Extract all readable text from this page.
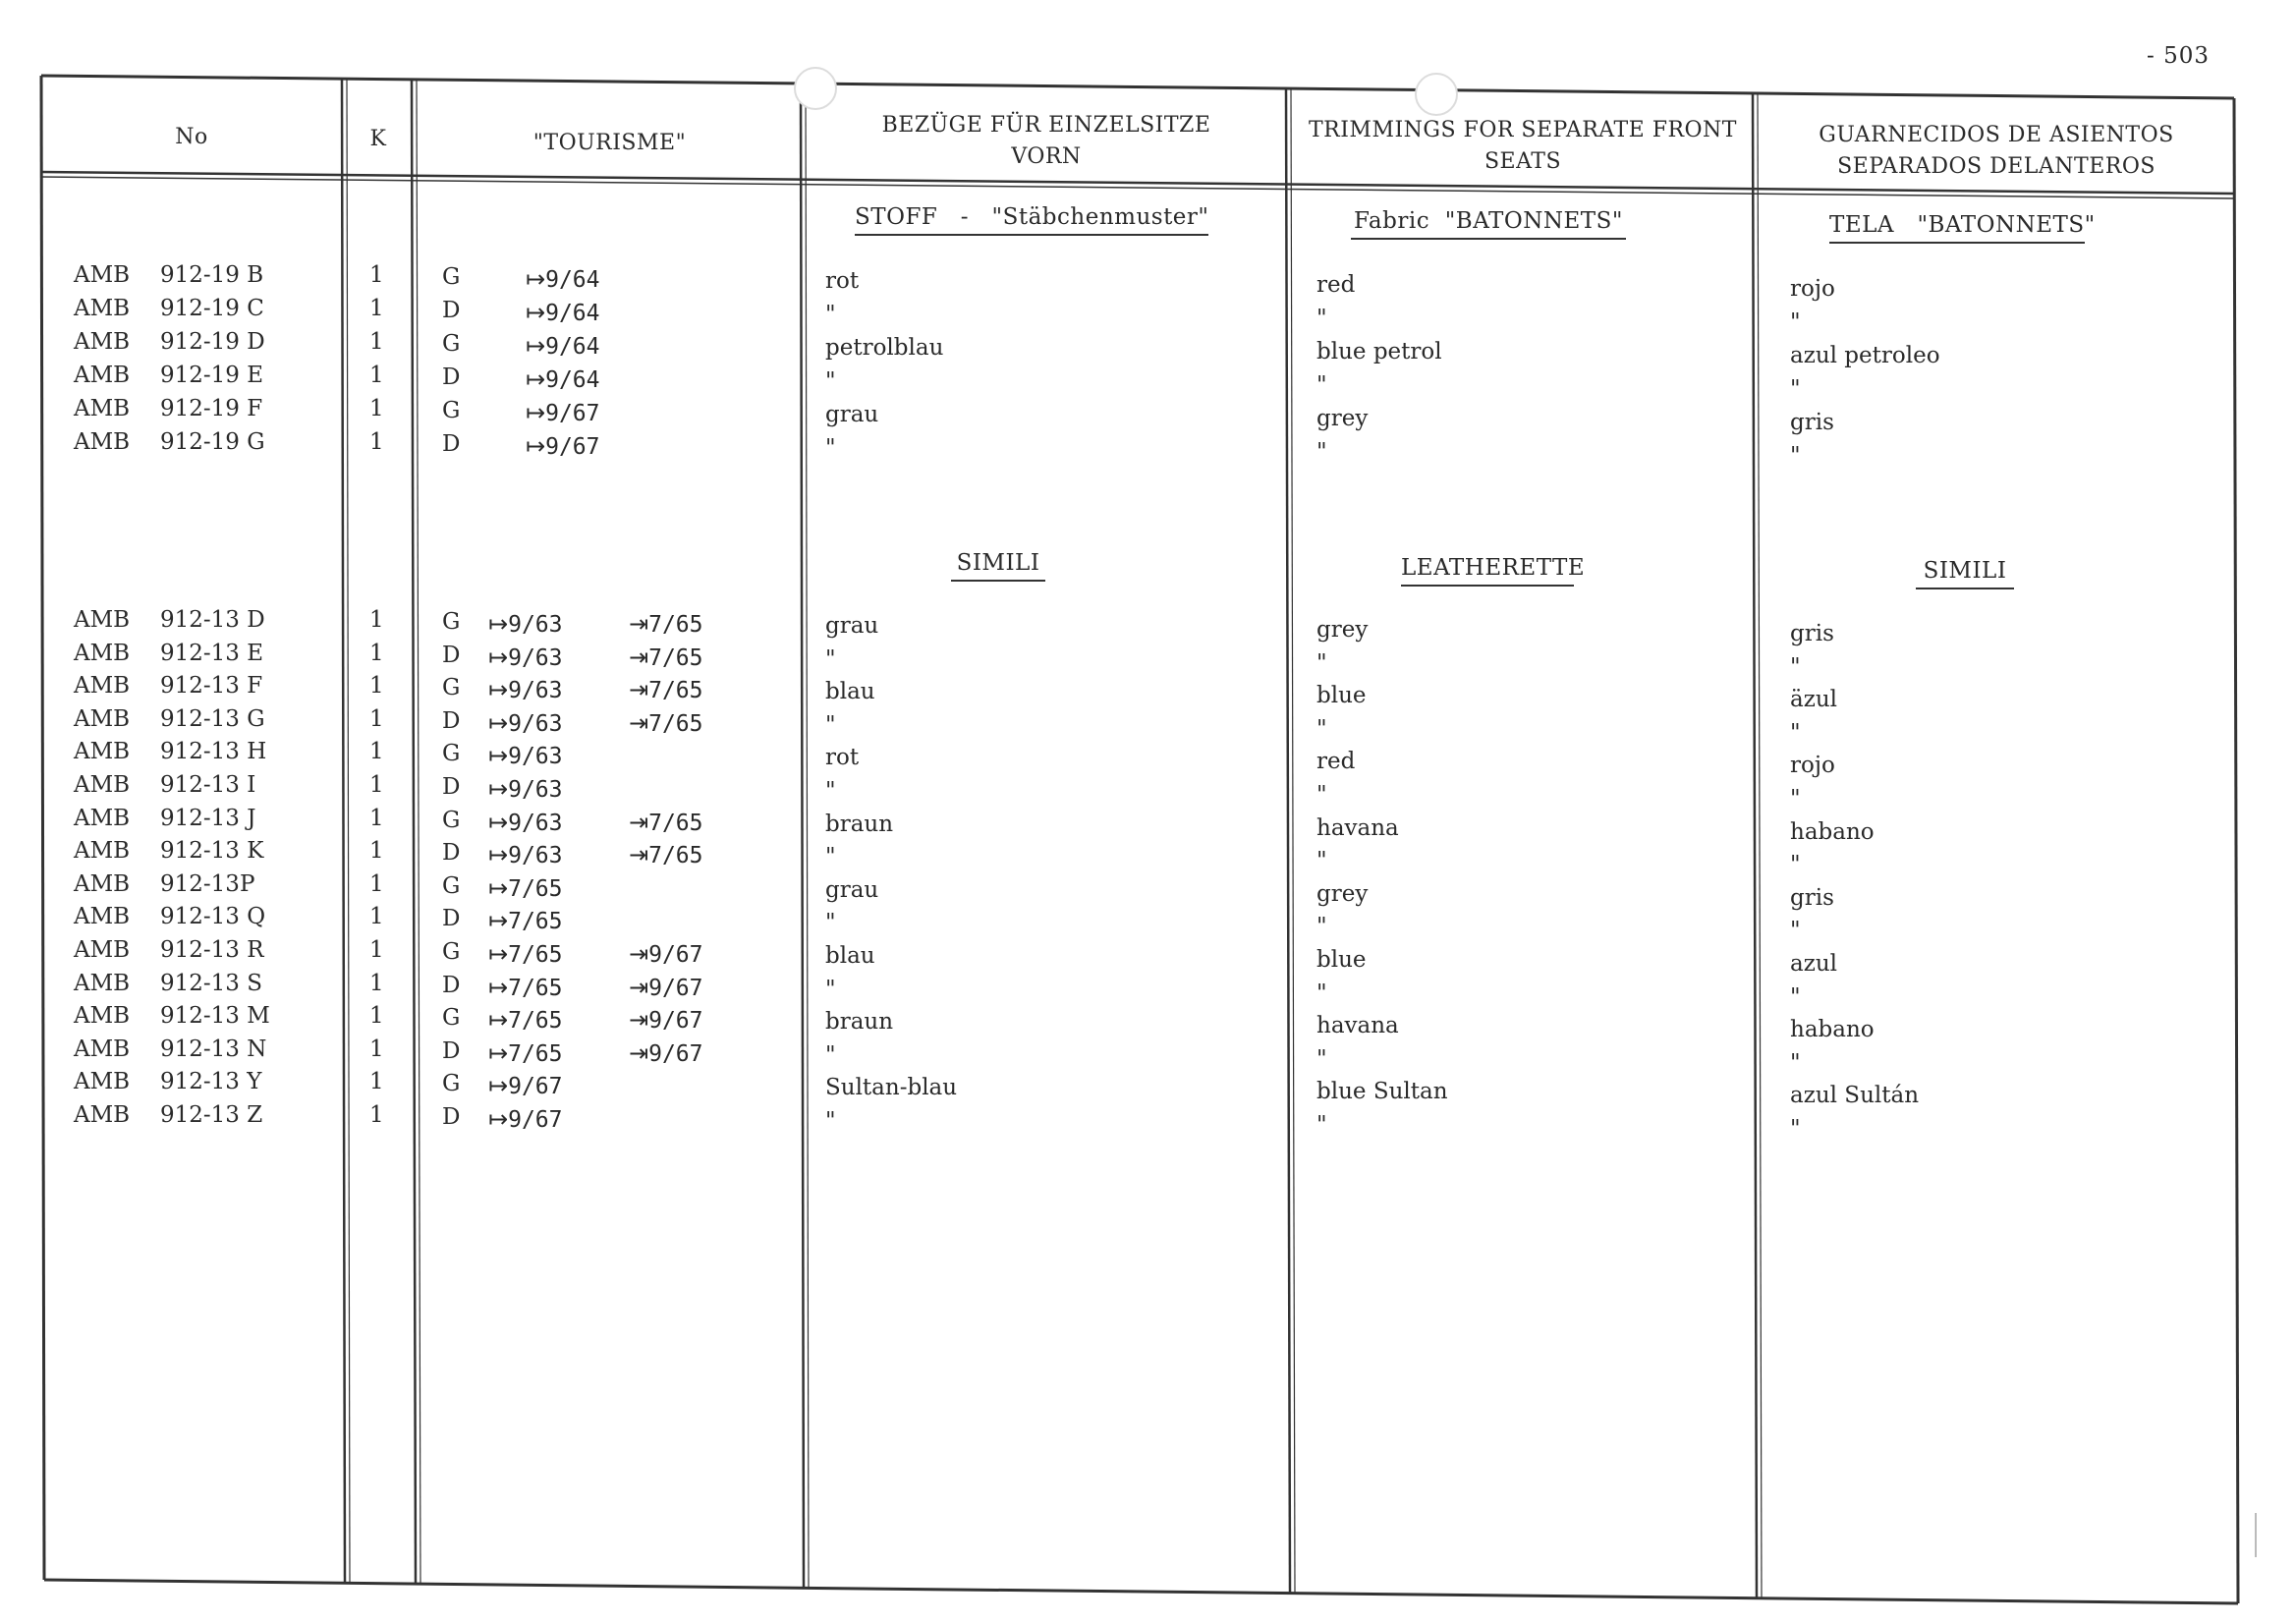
- 503
No	K	"TOURISME"
BEZÜGE FÜR EINZELSITZE
VORN
TRIMMINGS FOR SEPARATE FRONT
SEATS
GUARNECIDOS DE ASIENTOS
SEPARADOS DELANTEROS
STOFF   -   "Stäbchenmuster"	Fabric  "BATONNETS"	TELA   "BATONNETS"
SIMILI	LEATHERETTE	SIMILI
AMB 912-19 B	1	G	rot	red	rojo
↦9/64
AMB 912-19 C	1	D	"	"	"
↦9/64
AMB 912-19 D	1	G	petrolblau	blue petrol	azul petroleo
↦9/64
AMB 912-19 E	1	D	"	"	"
↦9/64
AMB 912-19 F	1	G	grau	grey	gris
↦9/67
AMB 912-19 G	1	D	"	"	"
↦9/67
AMB 912-13 D	1	G	grau	grey	gris
↦9/63	⇥7/65
AMB 912-13 E	1	D	"	"	"
↦9/63	⇥7/65
AMB 912-13 F	1	G	blau	blue	äzul
↦9/63	⇥7/65
AMB 912-13 G	1	D	"	"	"
↦9/63	⇥7/65
AMB 912-13 H	1	G	rot	red	rojo
↦9/63
AMB 912-13 I	1	D	"	"	"
↦9/63
AMB 912-13 J	1	G	braun	havana	habano
↦9/63	⇥7/65
AMB 912-13 K	1	D	"	"	"
↦9/63	⇥7/65
AMB 912-13P	1	G	grau	grey	gris
↦7/65
AMB 912-13 Q	1	D	"	"	"
↦7/65
AMB 912-13 R	1	G	blau	blue	azul
↦7/65	⇥9/67
AMB 912-13 S	1	D	"	"	"
↦7/65	⇥9/67
AMB 912-13 M	1	G	braun	havana	habano
↦7/65	⇥9/67
AMB 912-13 N	1	D	"	"	"
↦7/65	⇥9/67
AMB 912-13 Y	1	G	Sultan-blau	blue Sultan	azul Sultán
↦9/67
AMB 912-13 Z	1	D	"	"	"
↦9/67
